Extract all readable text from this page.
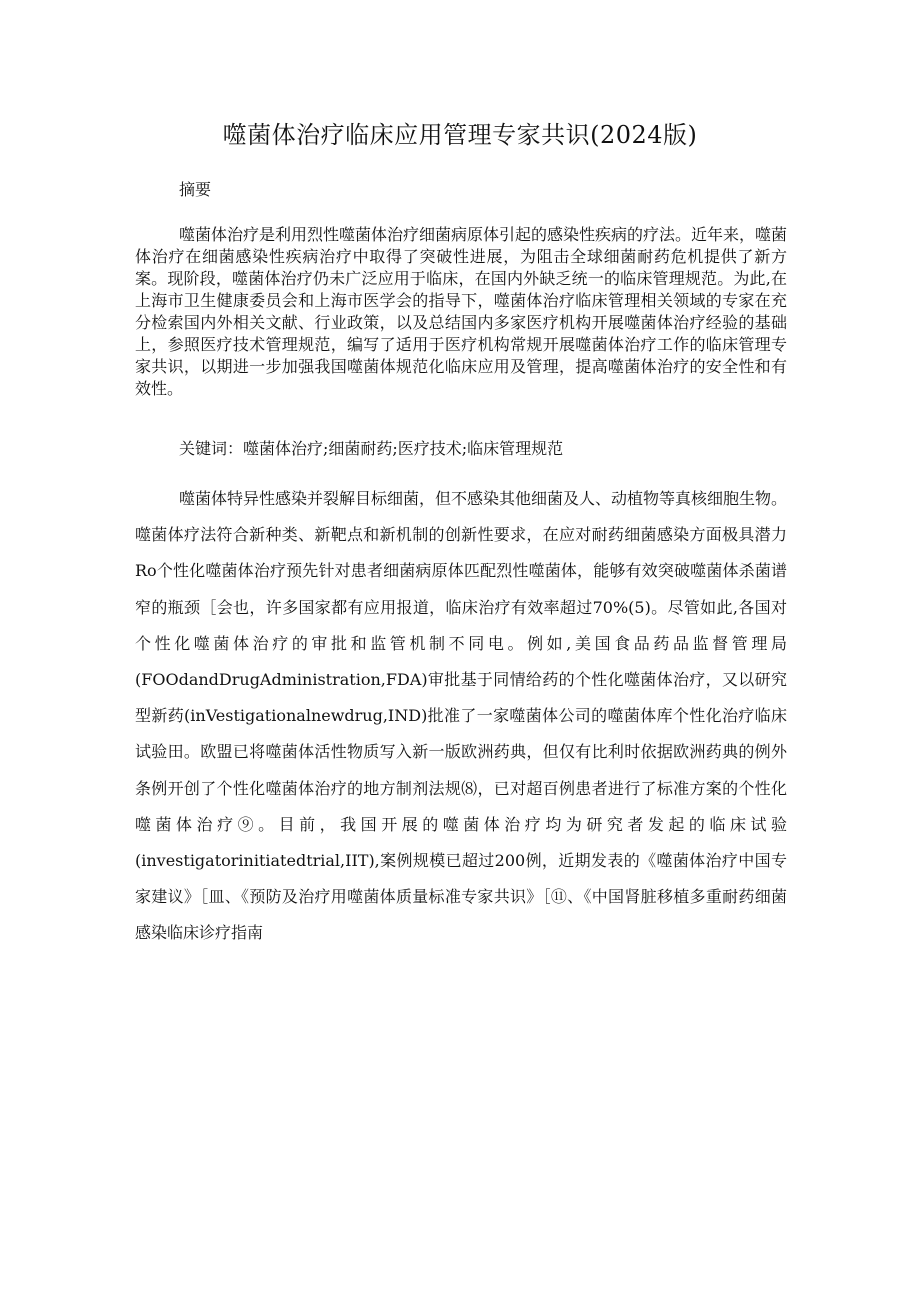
噬菌体治疗临床应用管理专家共识(2024版)

摘要

噬菌体治疗是利用烈性噬菌体治疗细菌病原体引起的感染性疾病的疗法。近年来，噬菌体治疗在细菌感染性疾病治疗中取得了突破性进展，为阻击全球细菌耐药危机提供了新方案。现阶段，噬菌体治疗仍未广泛应用于临床，在国内外缺乏统一的临床管理规范。为此,在上海市卫生健康委员会和上海市医学会的指导下，噬菌体治疗临床管理相关领域的专家在充分检索国内外相关文献、行业政策，以及总结国内多家医疗机构开展噬菌体治疗经验的基础上，参照医疗技术管理规范，编写了适用于医疗机构常规开展噬菌体治疗工作的临床管理专家共识，以期进一步加强我国噬菌体规范化临床应用及管理，提高噬菌体治疗的安全性和有效性。

关键词：噬菌体治疗;细菌耐药;医疗技术;临床管理规范

噬菌体特异性感染并裂解目标细菌，但不感染其他细菌及人、动植物等真核细胞生物。噬菌体疗法符合新种类、新靶点和新机制的创新性要求，在应对耐药细菌感染方面极具潜力Ro个性化噬菌体治疗预先针对患者细菌病原体匹配烈性噬菌体，能够有效突破噬菌体杀菌谱窄的瓶颈［会也，许多国家都有应用报道，临床治疗有效率超过70%(5)。尽管如此,各国对个性化噬菌体治疗的审批和监管机制不同电。例如,美国食品药品监督管理局(FOOdandDrugAdministration,FDA)审批基于同情给药的个性化噬菌体治疗，又以研究型新药(inVestigationalnewdrug,IND)批准了一家噬菌体公司的噬菌体库个性化治疗临床试验田。欧盟已将噬菌体活性物质写入新一版欧洲药典，但仅有比利时依据欧洲药典的例外条例开创了个性化噬菌体治疗的地方制剂法规⑻，已对超百例患者进行了标准方案的个性化噬菌体治疗⑨。目前，我国开展的噬菌体治疗均为研究者发起的临床试验(investigatorinitiatedtrial,IIT),案例规模已超过200例，近期发表的《噬菌体治疗中国专家建议》［皿、《预防及治疗用噬菌体质量标准专家共识》［⑪、《中国肾脏移植多重耐药细菌感染临床诊疗指南
